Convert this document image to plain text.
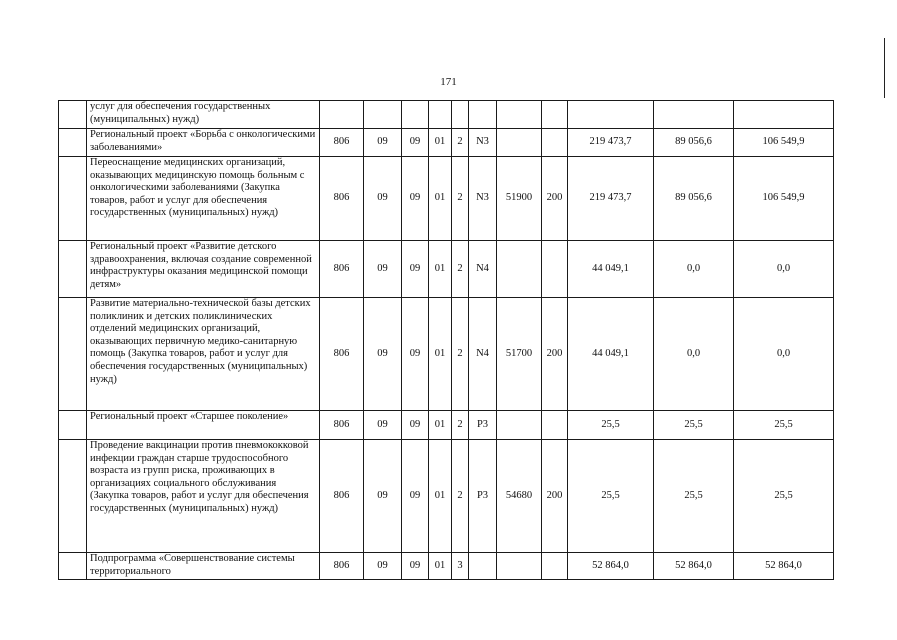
171
	услуг для обеспечения государственных (муниципальных) нужд)											
	Региональный проект «Борьба с онкологическими заболеваниями»	806	09	09	01	2	N3			219 473,7	89 056,6	106 549,9
	Переоснащение медицинских организаций, оказывающих медицинскую помощь больным с онкологическими заболеваниями (Закупка товаров, работ и услуг для обеспечения государственных (муниципальных) нужд)	806	09	09	01	2	N3	51900	200	219 473,7	89 056,6	106 549,9
	Региональный проект «Развитие детского здравоохранения, включая создание современной инфраструктуры оказания медицинской помощи детям»	806	09	09	01	2	N4			44 049,1	0,0	0,0
	Развитие материально-технической базы детских поликлиник и детских поликлинических отделений медицинских организаций, оказывающих первичную медико-санитарную помощь (Закупка товаров, работ и услуг для обеспечения государственных (муниципальных) нужд)	806	09	09	01	2	N4	51700	200	44 049,1	0,0	0,0
	Региональный проект «Старшее поколение»	806	09	09	01	2	P3			25,5	25,5	25,5
	Проведение вакцинации против пневмококковой инфекции граждан старше трудоспособного возраста из групп риска, проживающих в организациях социального обслуживания (Закупка товаров, работ и услуг для обеспечения государственных (муниципальных) нужд)	806	09	09	01	2	P3	54680	200	25,5	25,5	25,5
	Подпрограмма «Совершенствование системы территориального	806	09	09	01	3				52 864,0	52 864,0	52 864,0
